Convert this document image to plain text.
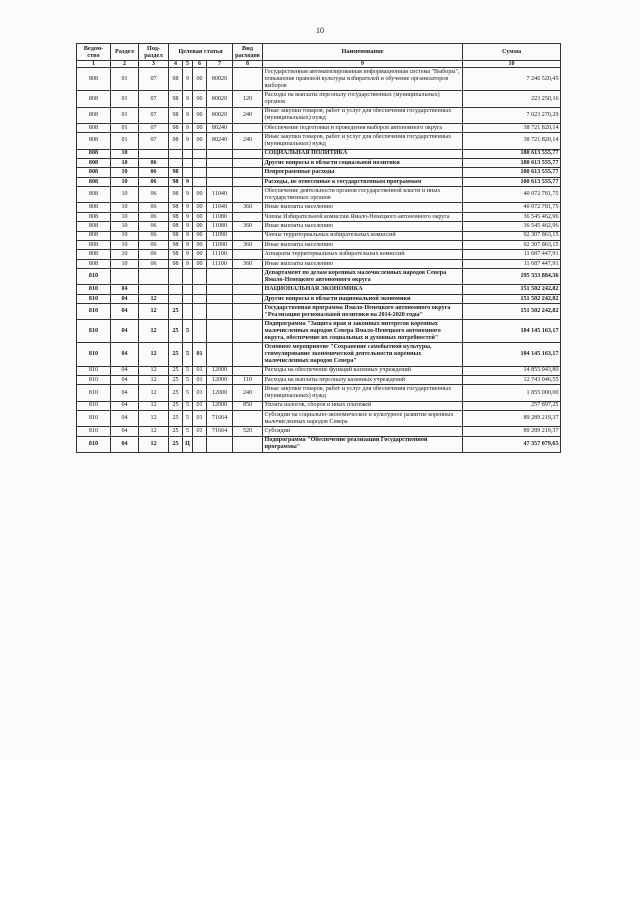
10
Ведом-ство	Раздел	Под-раздел	Целевая статья				Вид расходов	Наименование	Сумма
1	2	3	4	5	6	7	8	9	10
808	01	07	98	9	00	80020		Государственная автоматизированная информационная система "Выборы", повышение правовой культуры избирателей и обучение организаторов выборов	7 246 520,45
808	01	07	98	9	00	80020	120	Расходы на выплаты персоналу государственных (муниципальных) органов	223 250,16
808	01	07	98	9	00	80020	240	Иные закупки товаров, работ и услуг для обеспечения государственных (муниципальных) нужд	7 023 270,29
808	01	07	98	9	00	80240		Обеспечение подготовки и проведения выборов автономного округа	38 721 820,14
808	01	07	98	9	00	80240	240	Иные закупки товаров, работ и услуг для обеспечения государственных (муниципальных) нужд	38 721 820,14
808	10							СОЦИАЛЬНАЯ ПОЛИТИКА	180 613 555,77
808	10	06						Другие вопросы в области социальной политики	180 613 555,77
808	10	06	98					Непрограммные расходы	180 613 555,77
808	10	06	98	9				Расходы, не отнесенные к государственным программам	180 613 555,77
808	10	06	98	9	00	11040		Обеспечение деятельности органов государственной власти и иных государственных органов	40 072 781,75
808	10	06	98	9	00	11040	360	Иные выплаты населению	40 072 781,75
808	10	06	98	9	00	11080		Члены Избирательной комиссии Ямало-Ненецкого автономного округа	36 545 462,96
808	10	06	98	9	00	11080	360	Иные выплаты населению	36 545 462,96
808	10	06	98	9	00	11090		Члены территориальных избирательных комиссий	92 307 863,15
808	10	06	98	9	00	11090	360	Иные выплаты населению	92 307 863,15
808	10	06	98	9	00	11100		Аппараты территориальных избирательных комиссий	11 687 447,91
808	10	06	98	9	00	11100	360	Иные выплаты населению	11 687 447,91
810								Департамент по делам коренных малочисленных народов Севера Ямало-Ненецкого автономного округа	195 333 884,36
810	04							НАЦИОНАЛЬНАЯ ЭКОНОМИКА	151 502 242,82
810	04	12						Другие вопросы в области национальной экономики	151 502 242,82
810	04	12	25					Государственная программа Ямало-Ненецкого автономного округа "Реализация региональной политики на 2014-2020 годы"	151 502 242,82
810	04	12	25	5				Подпрограмма "Защита прав и законных интересов коренных малочисленных народов Севера Ямало-Ненецкого автономного округа, обеспечение их социальных и духовных потребностей"	104 145 163,17
810	04	12	25	5	01			Основное мероприятие "Сохранение самобытной культуры, стимулирование экономической деятельности коренных малочисленных народов Севера"	104 145 163,17
810	04	12	25	5	01	12000		Расходы на обеспечение функций казенных учреждений	14 855 943,80
810	04	12	25	5	01	12000	110	Расходы на выплаты персоналу казенных учреждений	12 743 046,55
810	04	12	25	5	01	12000	240	Иные закупки товаров, работ и услуг для обеспечения государственных (муниципальных) нужд	1 855 000,00
810	04	12	25	5	01	12000	850	Уплата налогов, сборов и иных платежей	257 897,25
810	04	12	25	5	01	71664		Субсидии на социально-экономическое и культурное развитие коренных малочисленных народов Севера	89 289 219,37
810	04	12	25	5	01	71664	520	Субсидии	89 289 219,37
810	04	12	25	Ц				Подпрограмма "Обеспечение реализации Государственной программы"	47 357 079,65
